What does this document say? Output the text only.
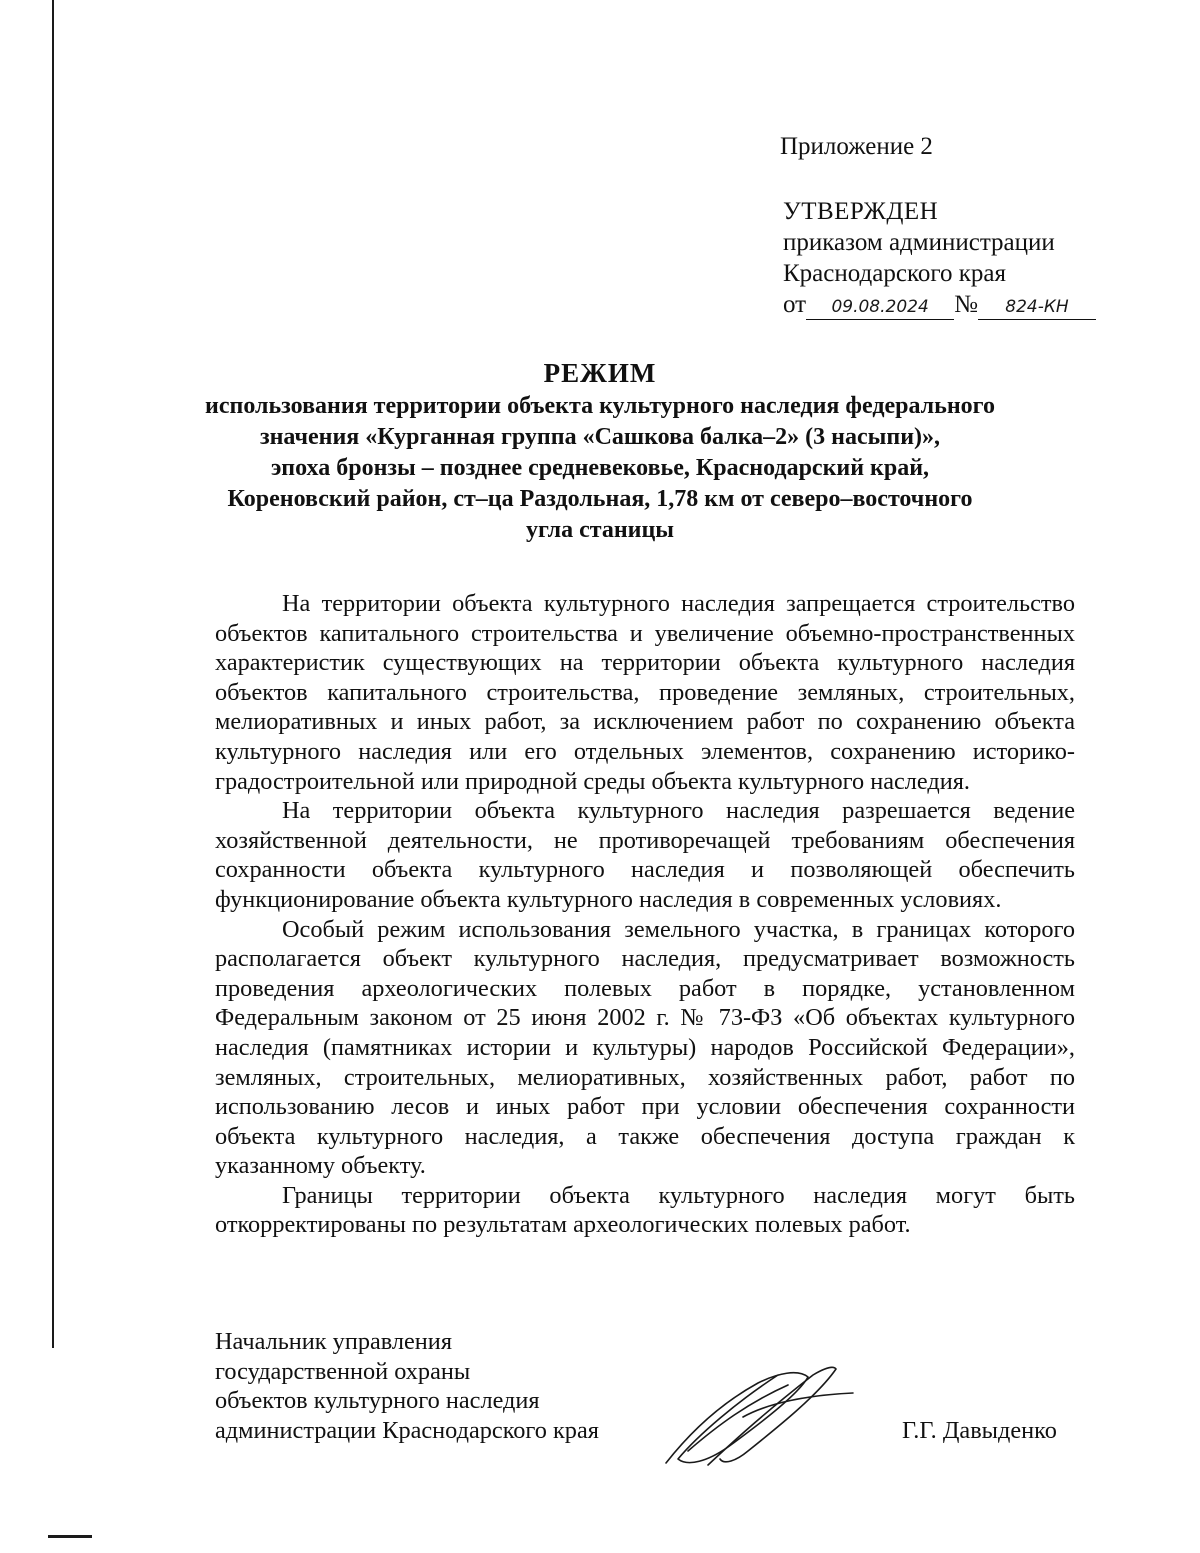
Приложение 2
УТВЕРЖДЕН
приказом администрации
Краснодарского края
от 09.08.2024 № 824-КН
РЕЖИМ
использования территории объекта культурного наследия федерального
значения «Курганная группа «Сашкова балка–2» (3 насыпи)»,
эпоха бронзы – позднее средневековье, Краснодарский край,
Кореновский район, ст–ца Раздольная, 1,78 км от северо–восточного
угла станицы

На территории объекта культурного наследия запрещается строительство объектов капитального строительства и увеличение объемно-пространственных характеристик существующих на территории объекта культурного наследия объектов капитального строительства, проведение земляных, строительных, мелиоративных и иных работ, за исключением работ по сохранению объекта культурного наследия или его отдельных элементов, сохранению историко-градостроительной или природной среды объекта культурного наследия.

На территории объекта культурного наследия разрешается ведение хозяйственной деятельности, не противоречащей требованиям обеспечения сохранности объекта культурного наследия и позволяющей обеспечить функционирование объекта культурного наследия в современных условиях.

Особый режим использования земельного участка, в границах которого располагается объект культурного наследия, предусматривает возможность проведения археологических полевых работ в порядке, установленном Федеральным законом от 25 июня 2002 г. № 73-ФЗ «Об объектах культурного наследия (памятниках истории и культуры) народов Российской Федерации», земляных, строительных, мелиоративных, хозяйственных работ, работ по использованию лесов и иных работ при условии обеспечения сохранности объекта культурного наследия, а также обеспечения доступа граждан к указанному объекту.

Границы территории объекта культурного наследия могут быть откорректированы по результатам археологических полевых работ.

Начальник управления
государственной охраны
объектов культурного наследия
администрации Краснодарского края	Г.Г. Давыденко
